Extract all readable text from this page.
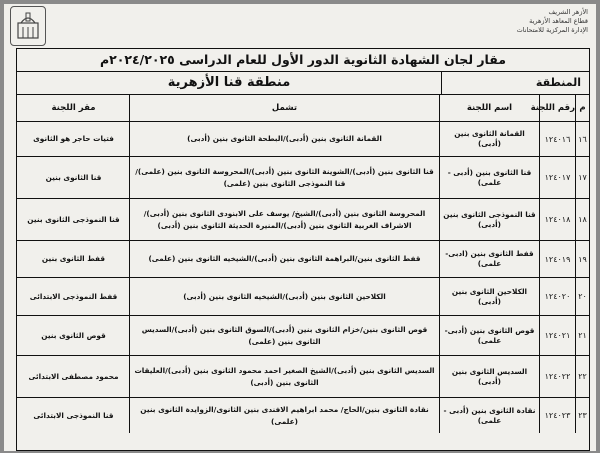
الأزهر الشريف
قطاع المعاهد الأزهرية
الإدارة المركزية للامتحانات
مقار لجان الشهادة الثانوية الدور الأول للعام الدراسى ٢٠٢٤/٢٠٢٥م
المنطقة
منطقة قنا الأزهرية
م
رقم اللجنة
اسم اللجنة
تشمل
مقر اللجنة
١٦
١٢٤٠١٦
القمانة الثانوى بنين (أدبى)
القمانة الثانوى بنين (أدبى)/البطحة الثانوى بنين (أدبى)
فتيات حاجر هو الثانوى
١٧
١٢٤٠١٧
قنا الثانوى بنين (أدبى - علمى)
قنا الثانوى بنين (أدبى)/الشوينة الثانوى بنين (أدبى)/المحروسة الثانوى بنين (علمى)/قنا النموذجى الثانوى بنين (علمى)
قنا الثانوى بنين
١٨
١٢٤٠١٨
قنا النموذجى الثانوى بنين (أدبى)
المحروسة الثانوى بنين (أدبى)/الشيخ/ يوسف على الابنودى الثانوى بنين (أدبى)/الاشراف الغربية الثانوى بنين (أدبى)/المنيرة الحديثة الثانوى بنين (أدبى)
قنا النموذجى الثانوى بنين
١٩
١٢٤٠١٩
قفط الثانوى بنين (ادبى-علمى)
قفط الثانوى بنين/البراهمة الثانوى بنين (أدبى)/الشيخيه الثانوى بنين (علمى)
قفط الثانوى بنين
٢٠
١٢٤٠٢٠
الكلاحين الثانوى بنين (أدبى)
الكلاحين الثانوى بنين (أدبى)/الشيخيه الثانوى بنين (أدبى)
قفط النموذجى الابتدائى
٢١
١٢٤٠٢١
قوص الثانوى بنين (أدبى-علمى)
قوص الثانوى بنين/خزام الثانوى بنين (أدبى)/السوق الثانوى بنين (أدبى)/السديس الثانوى بنين (علمى)
قوص الثانوى بنين
٢٢
١٢٤٠٢٢
السديس الثانوى بنين (أدبى)
السديس الثانوى بنين (أدبى)/الشيخ الصغير احمد محمود الثانوى بنين (أدبى)/العليقات الثانوى بنين (أدبى)
محمود مصطفى الابتدائى
٢٣
١٢٤٠٢٣
نقادة الثانوى بنين (أدبى - علمى)
نقادة الثانوى بنين/الحاج/ محمد ابراهيم الافندى بنين الثانوى/الزوايدة الثانوى بنين (علمى)
قنا النموذجى الابتدائى
